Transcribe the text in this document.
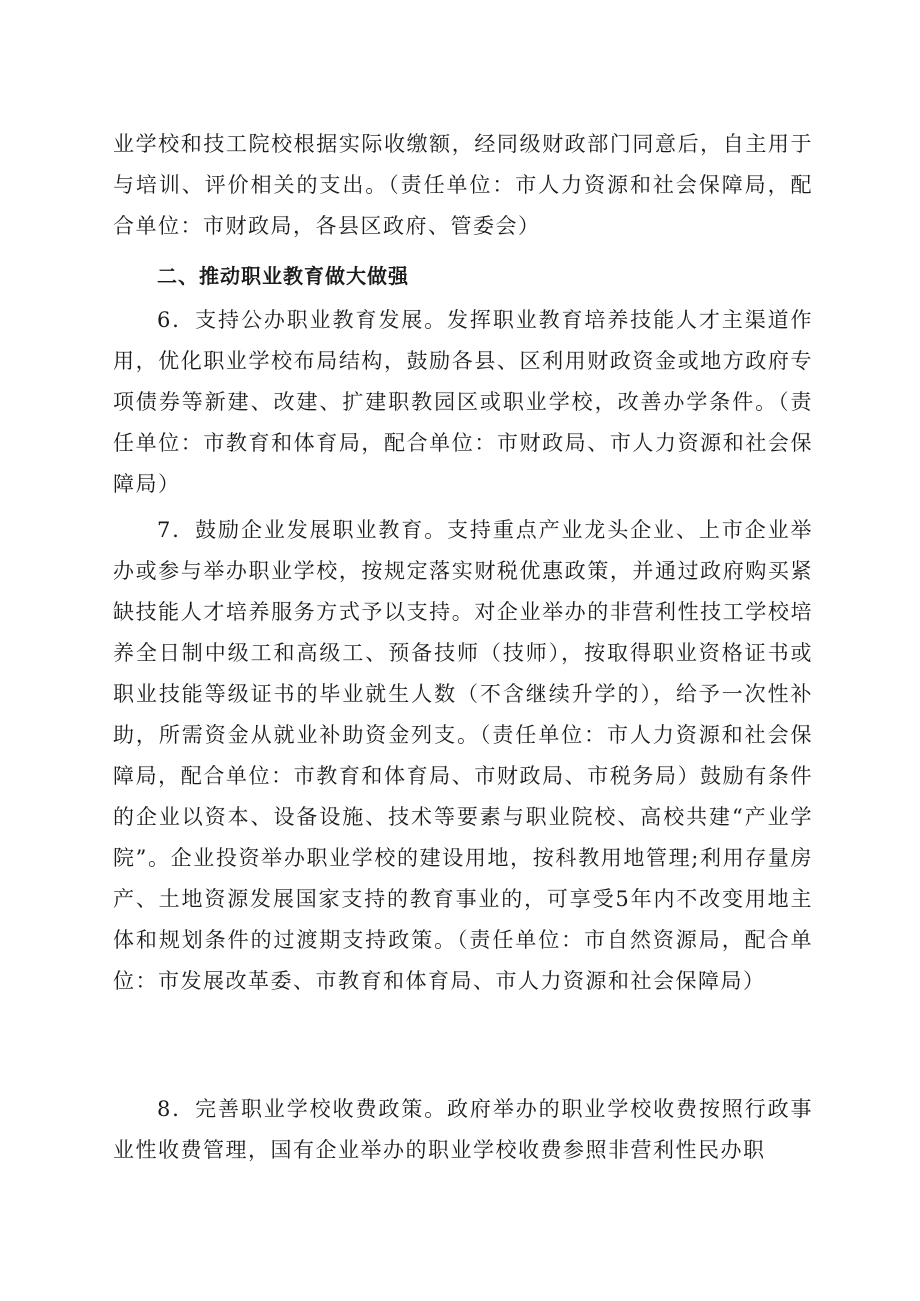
业学校和技工院校根据实际收缴额，经同级财政部门同意后，自主用于与培训、评价相关的支出。（责任单位：市人力资源和社会保障局，配合单位：市财政局，各县区政府、管委会）

二、推动职业教育做大做强

6．支持公办职业教育发展。发挥职业教育培养技能人才主渠道作用，优化职业学校布局结构，鼓励各县、区利用财政资金或地方政府专项债券等新建、改建、扩建职教园区或职业学校，改善办学条件。（责任单位：市教育和体育局，配合单位：市财政局、市人力资源和社会保障局）

7．鼓励企业发展职业教育。支持重点产业龙头企业、上市企业举办或参与举办职业学校，按规定落实财税优惠政策，并通过政府购买紧缺技能人才培养服务方式予以支持。对企业举办的非营利性技工学校培养全日制中级工和高级工、预备技师（技师），按取得职业资格证书或职业技能等级证书的毕业就生人数（不含继续升学的），给予一次性补助，所需资金从就业补助资金列支。（责任单位：市人力资源和社会保障局，配合单位：市教育和体育局、市财政局、市税务局）鼓励有条件的企业以资本、设备设施、技术等要素与职业院校、高校共建“产业学院”。企业投资举办职业学校的建设用地，按科教用地管理;利用存量房产、土地资源发展国家支持的教育事业的，可享受5年内不改变用地主体和规划条件的过渡期支持政策。（责任单位：市自然资源局，配合单位：市发展改革委、市教育和体育局、市人力资源和社会保障局）

8．完善职业学校收费政策。政府举办的职业学校收费按照行政事业性收费管理，国有企业举办的职业学校收费参照非营利性民办职
